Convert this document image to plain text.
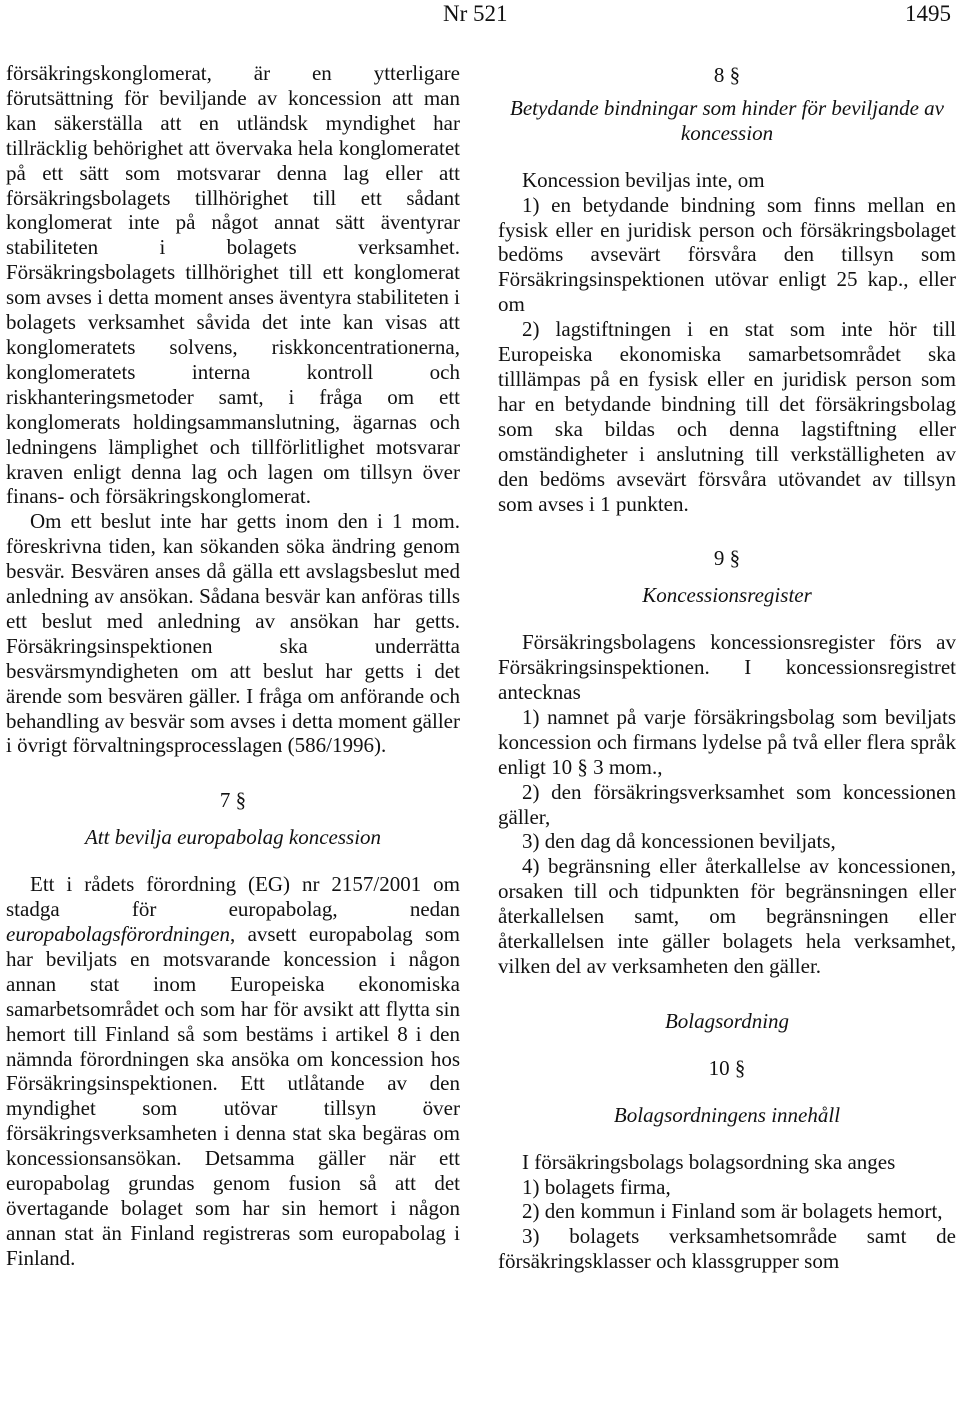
Nr 521	1495

försäkringskonglomerat, är en ytterligare förutsättning för beviljande av koncession att man kan säkerställa att en utländsk myndighet har tillräcklig behörighet att övervaka hela konglomeratet på ett sätt som motsvarar denna lag eller att försäkringsbolagets tillhörighet till ett sådant konglomerat inte på något annat sätt äventyrar stabiliteten i bolagets verksamhet. Försäkringsbolagets tillhörighet till ett konglomerat som avses i detta moment anses äventyra stabiliteten i bolagets verksamhet såvida det inte kan visas att konglomeratets solvens, riskkoncentrationerna, konglomeratets interna kontroll och riskhanteringsmetoder samt, i fråga om ett konglomerats holdingsammanslutning, ägarnas och ledningens lämplighet och tillförlitlighet motsvarar kraven enligt denna lag och lagen om tillsyn över finans- och försäkringskonglomerat.

Om ett beslut inte har getts inom den i 1 mom. föreskrivna tiden, kan sökanden söka ändring genom besvär. Besvären anses då gälla ett avslagsbeslut med anledning av ansökan. Sådana besvär kan anföras tills ett beslut med anledning av ansökan har getts. Försäkringsinspektionen ska underrätta besvärsmyndigheten om att beslut har getts i det ärende som besvären gäller. I fråga om anförande och behandling av besvär som avses i detta moment gäller i övrigt förvaltningsprocesslagen (586/1996).

7 §

Att bevilja europabolag koncession

Ett i rådets förordning (EG) nr 2157/2001 om stadga för europabolag, nedan europabolagsförordningen, avsett europabolag som har beviljats en motsvarande koncession i någon annan stat inom Europeiska ekonomiska samarbetsområdet och som har för avsikt att flytta sin hemort till Finland så som bestäms i artikel 8 i den nämnda förordningen ska ansöka om koncession hos Försäkringsinspektionen. Ett utlåtande av den myndighet som utövar tillsyn över försäkringsverksamheten i denna stat ska begäras om koncessionsansökan. Detsamma gäller när ett europabolag grundas genom fusion så att det övertagande bolaget som har sin hemort i någon annan stat än Finland registreras som europabolag i Finland.

8 §

Betydande bindningar som hinder för beviljande av koncession

Koncession beviljas inte, om

1) en betydande bindning som finns mellan en fysisk eller en juridisk person och försäkringsbolaget bedöms avsevärt försvåra den tillsyn som Försäkringsinspektionen utövar enligt 25 kap., eller om

2) lagstiftningen i en stat som inte hör till Europeiska ekonomiska samarbetsområdet ska tilllämpas på en fysisk eller en juridisk person som har en betydande bindning till det försäkringsbolag som ska bildas och denna lagstiftning eller omständigheter i anslutning till verkställigheten av den bedöms avsevärt försvåra utövandet av tillsyn som avses i 1 punkten.

9 §

Koncessionsregister

Försäkringsbolagens koncessionsregister förs av Försäkringsinspektionen. I koncessionsregistret antecknas

1) namnet på varje försäkringsbolag som beviljats koncession och firmans lydelse på två eller flera språk enligt 10 § 3 mom.,

2) den försäkringsverksamhet som koncessionen gäller,

3) den dag då koncessionen beviljats,

4) begränsning eller återkallelse av koncessionen, orsaken till och tidpunkten för begränsningen eller återkallelsen samt, om begränsningen eller återkallelsen inte gäller bolagets hela verksamhet, vilken del av verksamheten den gäller.

Bolagsordning

10 §

Bolagsordningens innehåll

I försäkringsbolags bolagsordning ska anges

1) bolagets firma,

2) den kommun i Finland som är bolagets hemort,

3) bolagets verksamhetsområde samt de försäkringsklasser och klassgrupper som
